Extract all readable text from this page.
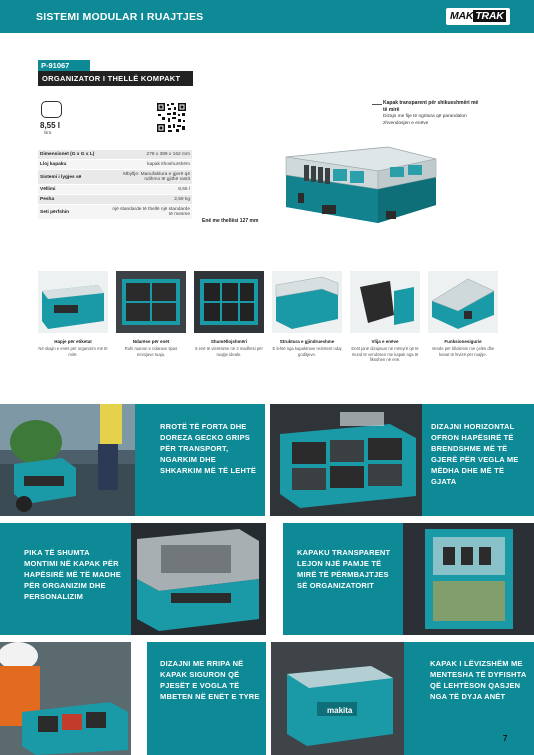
SISTEMI MODULAR I RUAJTJES	MAK TRAK
P-91067
ORGANIZATOR I THELLË KOMPAKT
8,55 l
litra
Dimensionet (G x G x L)	278 x 389 x 162 mm
Lloj kapaku	kapak ithoshurshëm
Sistemi i lygjes së	Mbyllje: Manufaktura e gjerë që ndihmo të gjithë rastit
Vëllimi	8,55 l
Pesha	2,59 kg
Seti përfshin	një standarde të thellë një standarde të mesme
Kapak transparent për shikueshmëri më të mirë
Dizajn me fije të ngritura që parandalon zhvendosjen e enëve
Enë me thellësi 127 mm
Hapje për etiketat
Në skajin e enës për organizim më të mirë.
Ndarëse për enët
Ruhi ruanon e ndarave tipas nevojave tuaja.
Shumëllojshmëri
5 enë të vlerësime në 2 madhësi për ruajtje ideale.
Struktura e gjindrueshme
E lehtë nga kapaktrave rezistent ndaj goditjeve.
Vlija e enëve
Enët janë dizajnuar në mënyrë që të mund të vendosen me kapak nga të fiksohen në enë.
Funksionesigurie
Vende për bllokimin me çelës dhe kanat të lëvizë për ruajtje.
RROTË TË FORTA DHE DOREZA GECKO GRIPS PËR TRANSPORT, NGARKIM DHE SHKARKIM MË TË LEHTË
DIZAJNI HORIZONTAL OFRON HAPËSIRË TË BRENDSHME MË TË GJERË PËR VEGLA ME MËDHA DHE MË TË GJATA
PIKA TË SHUMTA MONTIMI NË KAPAK PËR HAPËSIRË MË TË MADHE PËR ORGANIZIM DHE PERSONALIZIM
KAPAKU TRANSPARENT LEJON NJË PAMJE TË MIRË TË PËRMBAJTJES SË ORGANIZATORIT
DIZAJNI ME RRIPA NË KAPAK SIGURON QË PJESËT E VOGLA TË MBETEN NË ENËT E TYRE
makita
KAPAK I LËVIZSHËM ME MENTESHA TË DYFISHTA QË LEHTËSON QASJEN NGA TË DYJA ANËT
7
